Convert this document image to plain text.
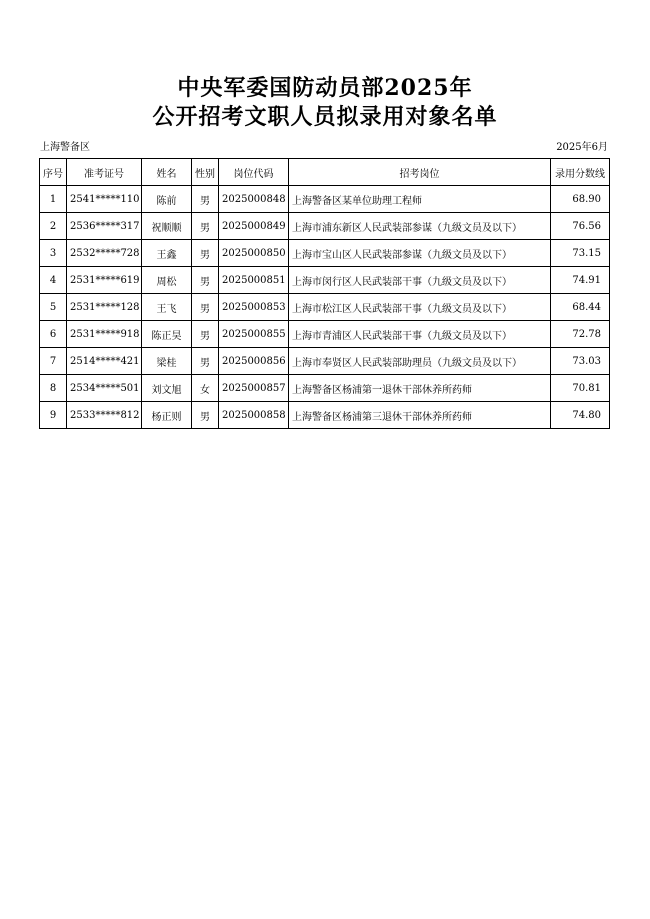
中央军委国防动员部2025年
公开招考文职人员拟录用对象名单
上海警备区	2025年6月
序号	准考证号	姓名	性别	岗位代码	招考岗位	录用分数线
1	2541*****110	陈前	男	2025000848	上海警备区某单位助理工程师	68.90
2	2536*****317	祝顺顺	男	2025000849	上海市浦东新区人民武装部参谋（九级文员及以下）	76.56
3	2532*****728	王鑫	男	2025000850	上海市宝山区人民武装部参谋（九级文员及以下）	73.15
4	2531*****619	周松	男	2025000851	上海市闵行区人民武装部干事（九级文员及以下）	74.91
5	2531*****128	王飞	男	2025000853	上海市松江区人民武装部干事（九级文员及以下）	68.44
6	2531*****918	陈正昊	男	2025000855	上海市青浦区人民武装部干事（九级文员及以下）	72.78
7	2514*****421	梁桂	男	2025000856	上海市奉贤区人民武装部助理员（九级文员及以下）	73.03
8	2534*****501	刘文旭	女	2025000857	上海警备区杨浦第一退休干部休养所药师	70.81
9	2533*****812	杨正则	男	2025000858	上海警备区杨浦第三退休干部休养所药师	74.80
